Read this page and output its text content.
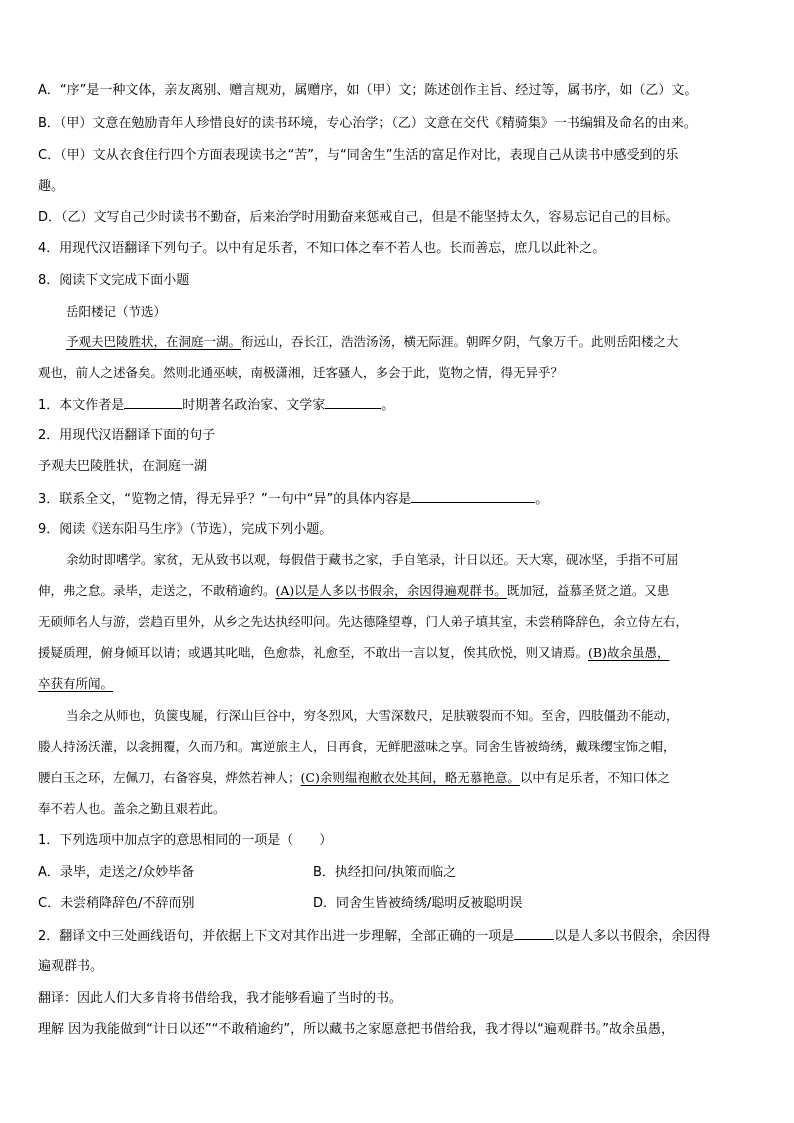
A．“序”是一种文体，亲友离别、赠言规劝，属赠序，如（甲）文；陈述创作主旨、经过等，属书序，如（乙）文。
B．（甲）文意在勉励青年人珍惜良好的读书环境，专心治学；（乙）文意在交代《精骑集》一书编辑及命名的由来。
C．（甲）文从衣食住行四个方面表现读书之“苦”，与“同舍生”生活的富足作对比，表现自己从读书中感受到的乐
趣。
D．（乙）文写自己少时读书不勤奋，后来治学时用勤奋来惩戒自己，但是不能坚持太久，容易忘记自己的目标。
4．用现代汉语翻译下列句子。以中有足乐者，不知口体之奉不若人也。长而善忘，庶几以此补之。
8．阅读下文完成下面小题
岳阳楼记（节选）
予观夫巴陵胜状，在洞庭一湖。衔远山，吞长江，浩浩汤汤，横无际涯。朝晖夕阴，气象万千。此则岳阳楼之大
观也，前人之述备矣。然则北通巫峡，南极潇湘，迁客骚人，多会于此，览物之情，得无异乎？
1．本文作者是	时期著名政治家、文学家	。
2．用现代汉语翻译下面的句子
予观夫巴陵胜状，在洞庭一湖
3．联系全文，“览物之情，得无异乎？”一句中“异”的具体内容是	。
9．阅读《送东阳马生序》（节选），完成下列小题。
余幼时即嗜学。家贫，无从致书以观，每假借于藏书之家，手自笔录，计日以还。天大寒，砚冰坚，手指不可屈
伸，弗之怠。录毕，走送之，不敢稍逾约。(A)以是人多以书假余，余因得遍观群书。既加冠，益慕圣贤之道。又患
无硕师名人与游，尝趋百里外，从乡之先达执经叩问。先达德隆望尊，门人弟子填其室，未尝稍降辞色，余立侍左右，
援疑质理，俯身倾耳以请；或遇其叱咄，色愈恭，礼愈至，不敢出一言以复，俟其欣悦，则又请焉。(B)故余虽愚，
卒获有所闻。
当余之从师也，负箧曳屣，行深山巨谷中，穷冬烈风，大雪深数尺，足肤皲裂而不知。至舍，四肢僵劲不能动，
媵人持汤沃灌，以衾拥覆，久而乃和。寓逆旅主人，日再食，无鲜肥滋味之享。同舍生皆被绮绣，戴珠缨宝饰之帽，
腰白玉之环，左佩刀，右备容臭，烨然若神人；(C)余则缊袍敝衣处其间，略无慕艳意。以中有足乐者，不知口体之
奉不若人也。盖余之勤且艰若此。
1．下列选项中加点字的意思相同的一项是（　　）
A．录毕，走送之/众妙毕备	B．执经扣问/执策而临之
C．未尝稍降辞色/不辞而别	D．同舍生皆被绮绣/聪明反被聪明误
2．翻译文中三处画线语句，并依据上下文对其作出进一步理解，全部正确的一项是	以是人多以书假余，余因得
遍观群书。
翻译：因此人们大多肯将书借给我，我才能够看遍了当时的书。
理解 因为我能做到“计日以还”“不敢稍逾约”，所以藏书之家愿意把书借给我，我才得以“遍观群书。”故余虽愚，
